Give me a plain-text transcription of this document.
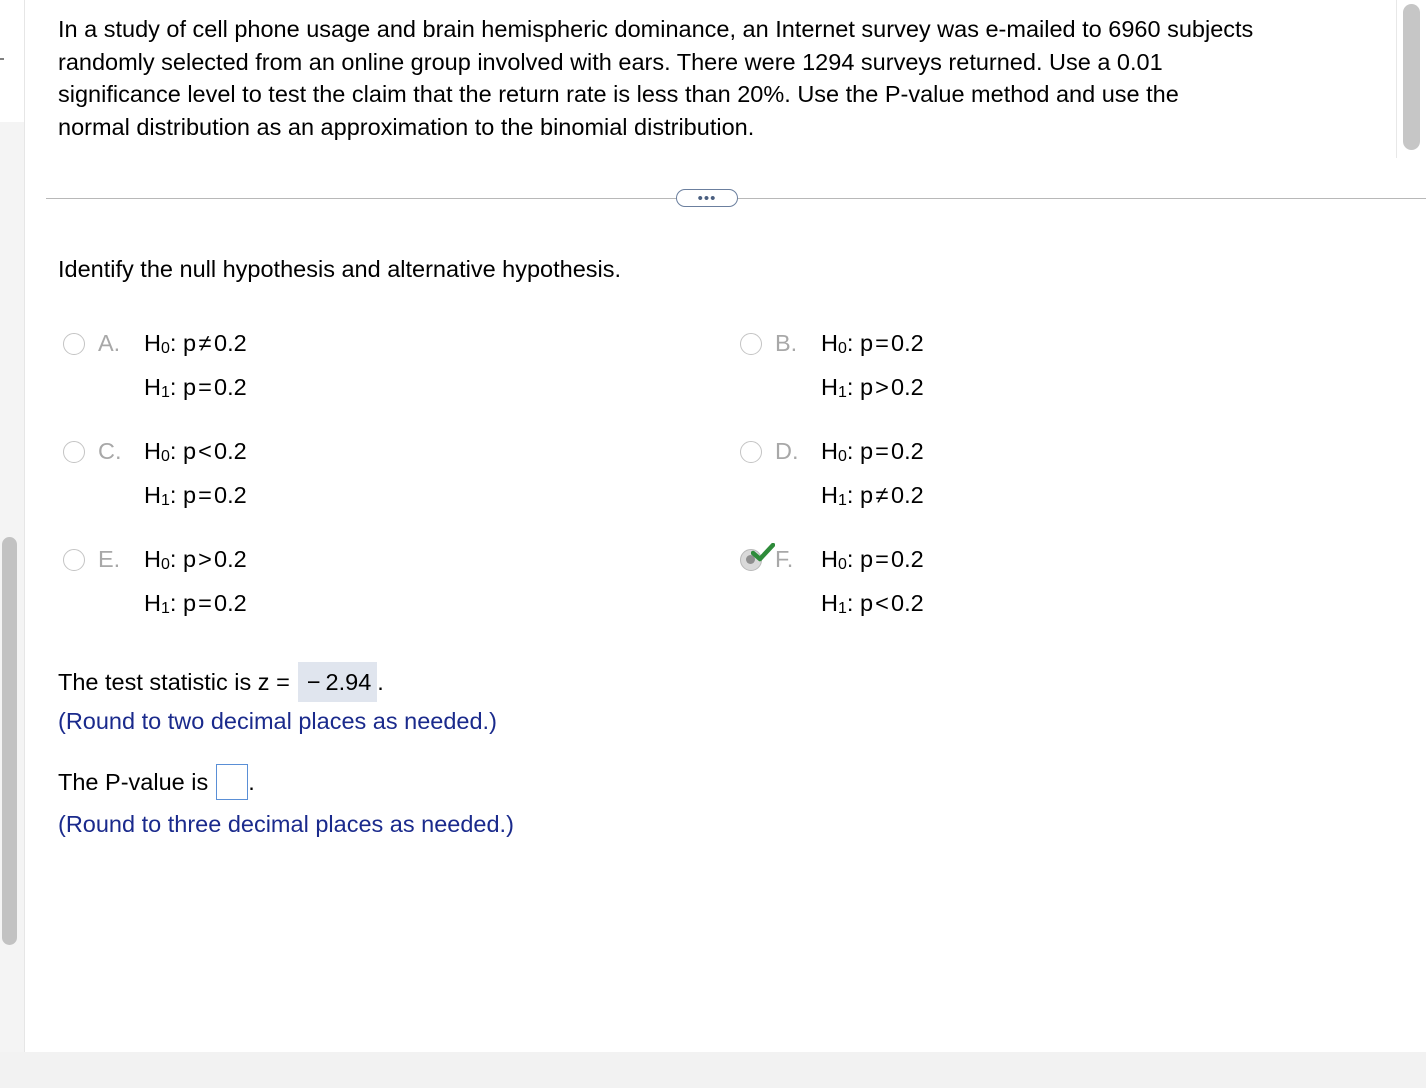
In a study of cell phone usage and brain hemispheric dominance, an Internet survey was e-mailed to 6960 subjects
randomly selected from an online group involved with ears. There were 1294 surveys returned. Use a 0.01
significance level to test the claim that the return rate is less than 20%. Use the P-value method and use the
normal distribution as an approximation to the binomial distribution.
•••

Identify the null hypothesis and alternative hypothesis.

A. $H_0$: p ≠ 0.2
$H_1$: p=0.2
B. $H_0$: p=0.2
$H_1$: p>0.2
C. $H_0$: p<0.2
$H_1$: p=0.2
D. $H_0$: p=0.2
$H_1$: p ≠ 0.2
E. $H_0$: p>0.2
$H_1$: p=0.2
F. $H_0$: p=0.2
$H_1$: p<0.2
The test statistic is z = − 2.94 .

(Round to two decimal places as needed.)

The P-value is .

(Round to three decimal places as needed.)
